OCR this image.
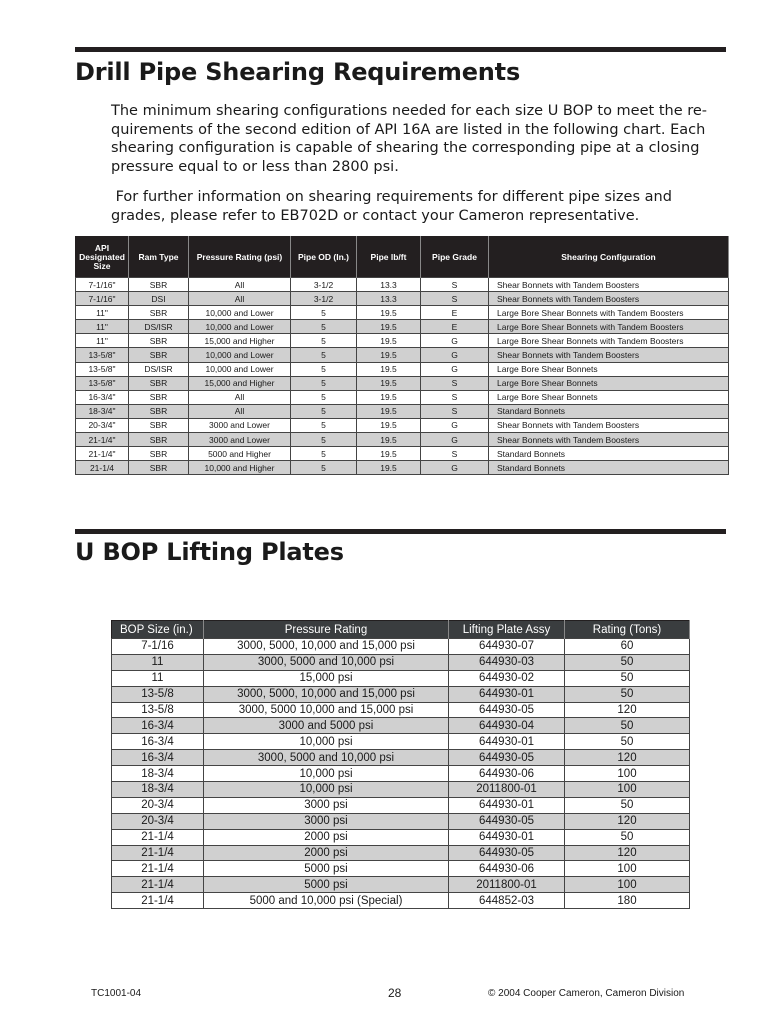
Drill Pipe Shearing Requirements

The minimum shearing configurations needed for each size U BOP to meet the re-quirements of the second edition of API 16A are listed in the following chart. Each shearing configuration is capable of shearing the corresponding pipe at a closing pressure equal to or less than 2800 psi.

For further information on shearing requirements for different pipe sizes and grades, please refer to EB702D or contact your Cameron representative.

API Designated Size	Ram Type	Pressure Rating (psi)	Pipe OD (In.)	Pipe lb/ft	Pipe Grade	Shearing Configuration
7-1/16"	SBR	All	3-1/2	13.3	S	Shear Bonnets with Tandem Boosters
7-1/16"	DSI	All	3-1/2	13.3	S	Shear Bonnets with Tandem Boosters
11"	SBR	10,000 and Lower	5	19.5	E	Large Bore Shear Bonnets with Tandem Boosters
11"	DS/ISR	10,000 and Lower	5	19.5	E	Large Bore Shear Bonnets with Tandem Boosters
11"	SBR	15,000 and Higher	5	19.5	G	Large Bore Shear Bonnets with Tandem Boosters
13-5/8"	SBR	10,000 and Lower	5	19.5	G	Shear Bonnets with Tandem Boosters
13-5/8"	DS/ISR	10,000 and Lower	5	19.5	G	Large Bore Shear Bonnets
13-5/8"	SBR	15,000 and Higher	5	19.5	S	Large Bore Shear Bonnets
16-3/4"	SBR	All	5	19.5	S	Large Bore Shear Bonnets
18-3/4"	SBR	All	5	19.5	S	Standard Bonnets
20-3/4"	SBR	3000 and Lower	5	19.5	G	Shear Bonnets with Tandem Boosters
21-1/4"	SBR	3000 and Lower	5	19.5	G	Shear Bonnets with Tandem Boosters
21-1/4"	SBR	5000 and Higher	5	19.5	S	Standard Bonnets
21-1/4	SBR	10,000 and Higher	5	19.5	G	Standard Bonnets
U BOP Lifting Plates
BOP Size (in.)	Pressure Rating	Lifting Plate Assy	Rating (Tons)
7-1/16	3000, 5000, 10,000 and 15,000 psi	644930-07	60
11	3000, 5000 and 10,000 psi	644930-03	50
11	15,000 psi	644930-02	50
13-5/8	3000, 5000, 10,000 and 15,000 psi	644930-01	50
13-5/8	3000, 5000 10,000 and 15,000 psi	644930-05	120
16-3/4	3000 and 5000 psi	644930-04	50
16-3/4	10,000 psi	644930-01	50
16-3/4	3000, 5000 and 10,000 psi	644930-05	120
18-3/4	10,000 psi	644930-06	100
18-3/4	10,000 psi	2011800-01	100
20-3/4	3000 psi	644930-01	50
20-3/4	3000 psi	644930-05	120
21-1/4	2000 psi	644930-01	50
21-1/4	2000 psi	644930-05	120
21-1/4	5000 psi	644930-06	100
21-1/4	5000 psi	2011800-01	100
21-1/4	5000 and 10,000 psi (Special)	644852-03	180

TC1001-04	28	© 2004 Cooper Cameron, Cameron Division
